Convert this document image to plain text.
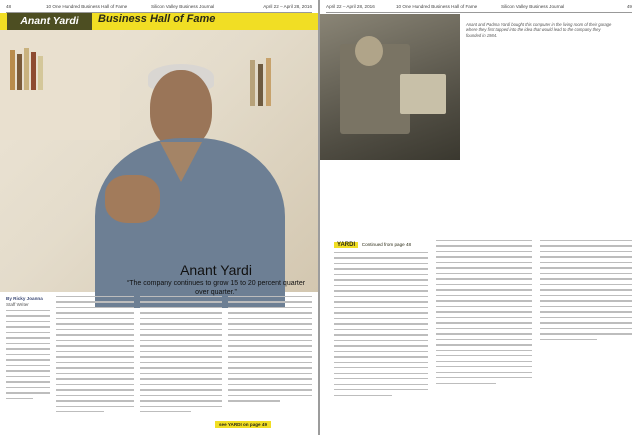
48	10 One Hundred Business Hall of Fame	Silicon Valley Business Journal	April 22 – April 28, 2016
Anant Yardi	Business Hall of Fame
Anant Yardi
“The company continues to grow 15 to 20 percent quarter over quarter.”
By Ricky Joanna
Staff Writer
see YARDI on page 49
April 22 – April 28, 2016	10 One Hundred Business Hall of Fame	Silicon Valley Business Journal	49
Anant and Padma Yardi bought this computer in the living room of their garage where they first tapped into the idea that would lead to the company they founded in 1984.
YARDI Continued from page 48
